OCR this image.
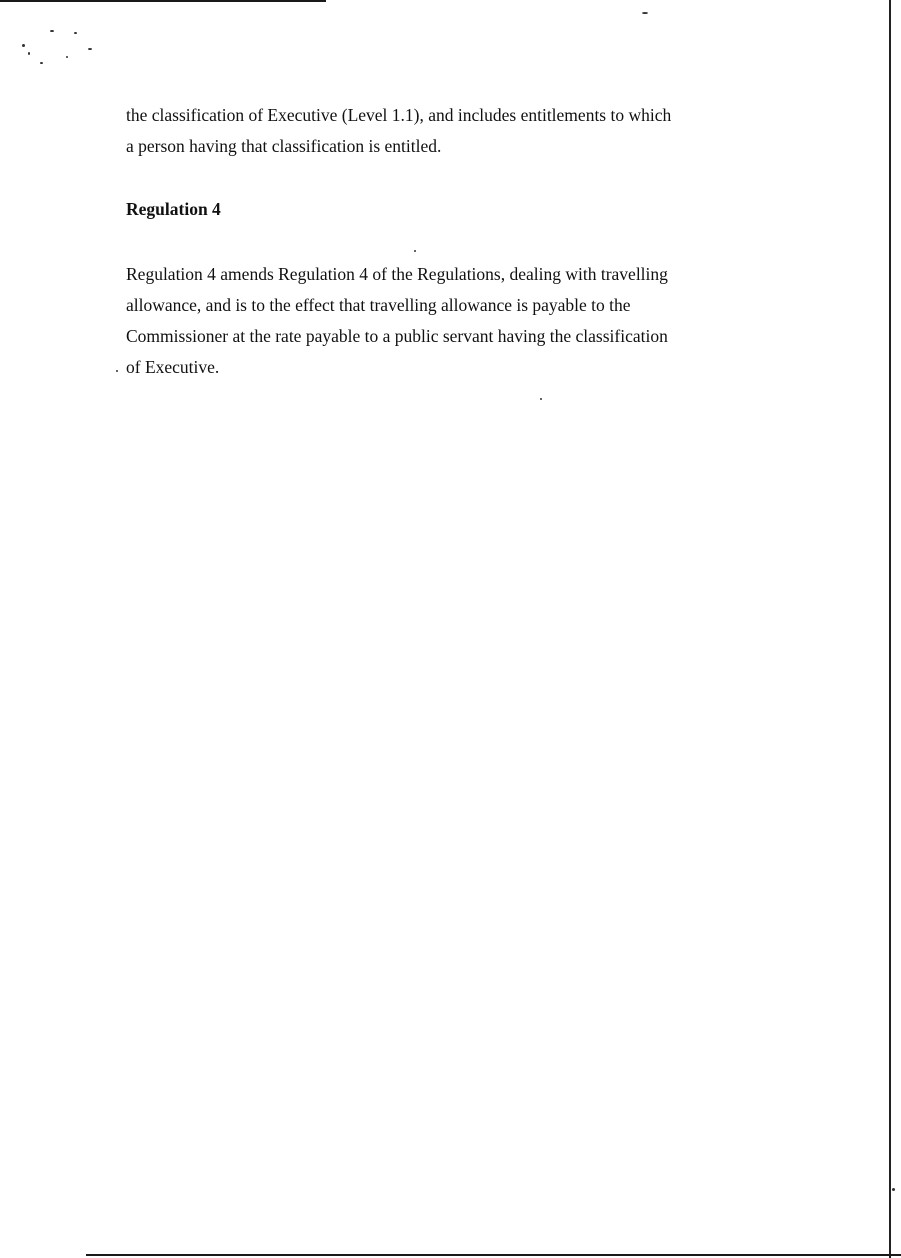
the classification of Executive (Level 1.1), and includes entitlements to which
a person having that classification is entitled.

Regulation 4

Regulation 4 amends Regulation 4 of the Regulations, dealing with travelling
allowance, and is to the effect that travelling allowance is payable to the
Commissioner at the rate payable to a public servant having the classification
of Executive.
